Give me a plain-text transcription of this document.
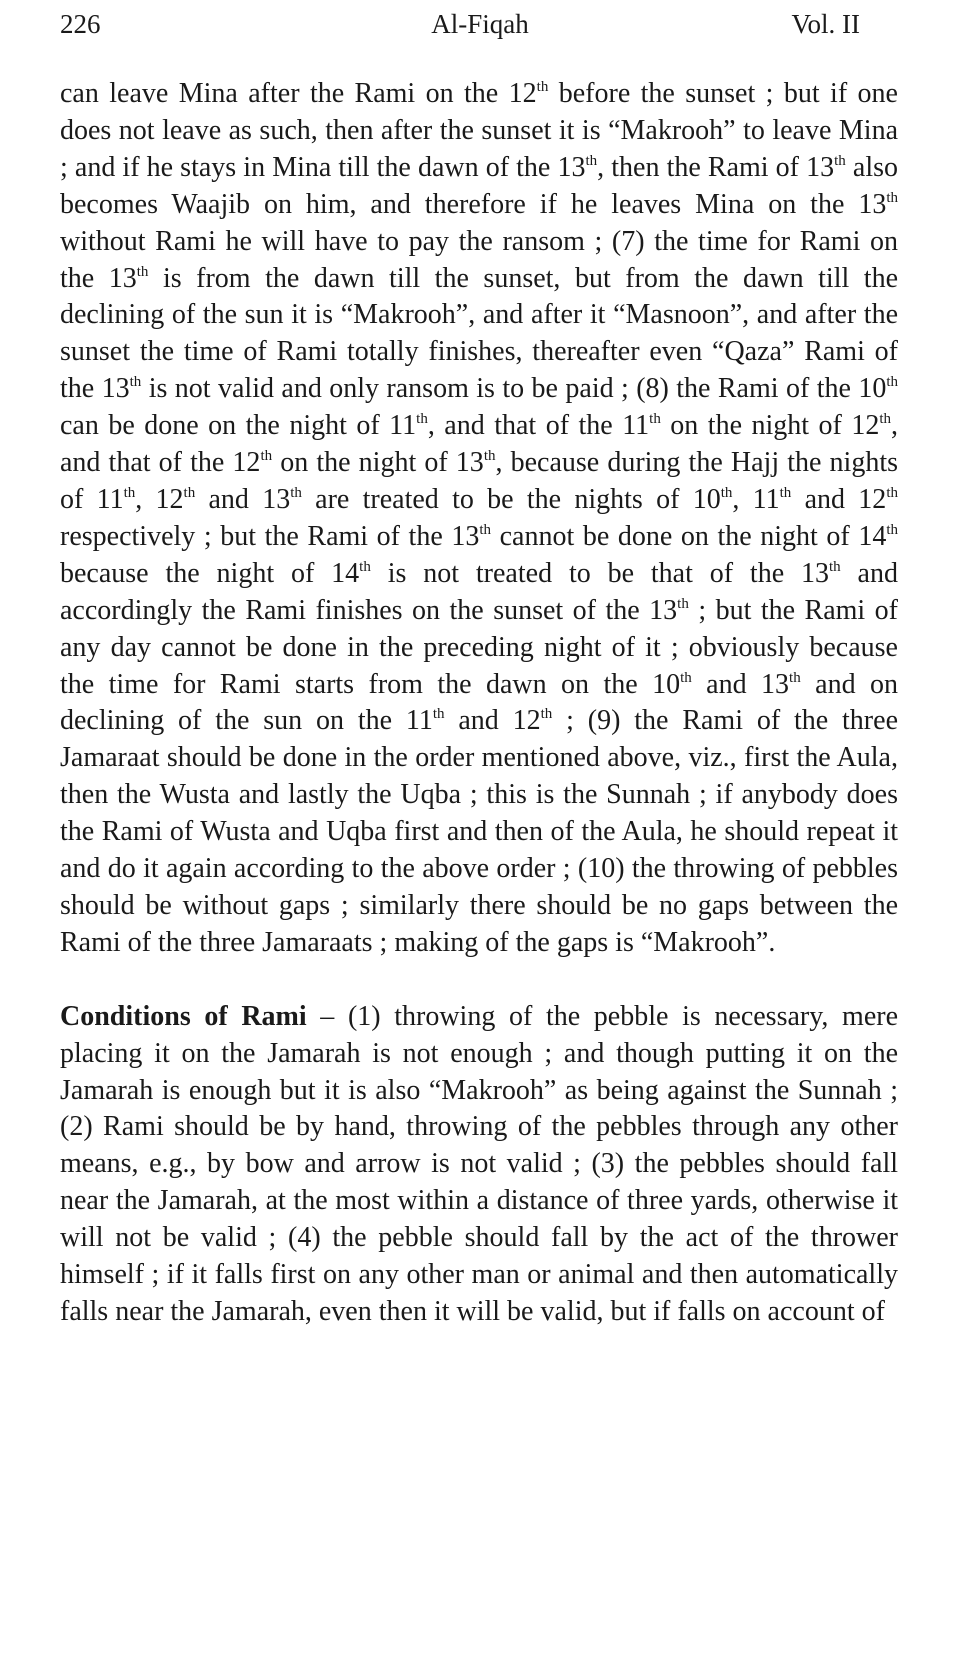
226	Al-Fiqah	Vol. II

can leave Mina after the Rami on the 12th before the sunset ; but if one does not leave as such, then after the sunset it is “Makrooh” to leave Mina ; and if he stays in Mina till the dawn of the 13th, then the Rami of 13th also becomes Waajib on him, and therefore if he leaves Mina on the 13th without Rami he will have to pay the ransom ; (7) the time for Rami on the 13th is from the dawn till the sunset, but from the dawn till the declining of the sun it is “Makrooh”, and after it “Masnoon”, and after the sunset the time of Rami totally finishes, thereafter even “Qaza” Rami of the 13th is not valid and only ransom is to be paid ; (8) the Rami of the 10th can be done on the night of 11th, and that of the 11th on the night of 12th, and that of the 12th on the night of 13th, because during the Hajj the nights of 11th, 12th and 13th are treated to be the nights of 10th, 11th and 12th respectively ; but the Rami of the 13th cannot be done on the night of 14th because the night of 14th is not treated to be that of the 13th and accordingly the Rami finishes on the sunset of the 13th ; but the Rami of any day cannot be done in the preceding night of it ; obviously because the time for Rami starts from the dawn on the 10th and 13th and on declining of the sun on the 11th and 12th ; (9) the Rami of the three Jamaraat should be done in the order mentioned above, viz., first the Aula, then the Wusta and lastly the Uqba ; this is the Sunnah ; if anybody does the Rami of Wusta and Uqba first and then of the Aula, he should repeat it and do it again according to the above order ; (10) the throwing of pebbles should be without gaps ; similarly there should be no gaps between the Rami of the three Jamaraats ; making of the gaps is “Makrooh”.

Conditions of Rami – (1) throwing of the pebble is necessary, mere placing it on the Jamarah is not enough ; and though putting it on the Jamarah is enough but it is also “Makrooh” as being against the Sunnah ; (2) Rami should be by hand, throwing of the pebbles through any other means, e.g., by bow and arrow is not valid ; (3) the pebbles should fall near the Jamarah, at the most within a distance of three yards, otherwise it will not be valid ; (4) the pebble should fall by the act of the thrower himself ; if it falls first on any other man or animal and then automatically falls near the Jamarah, even then it will be valid, but if falls on account of
